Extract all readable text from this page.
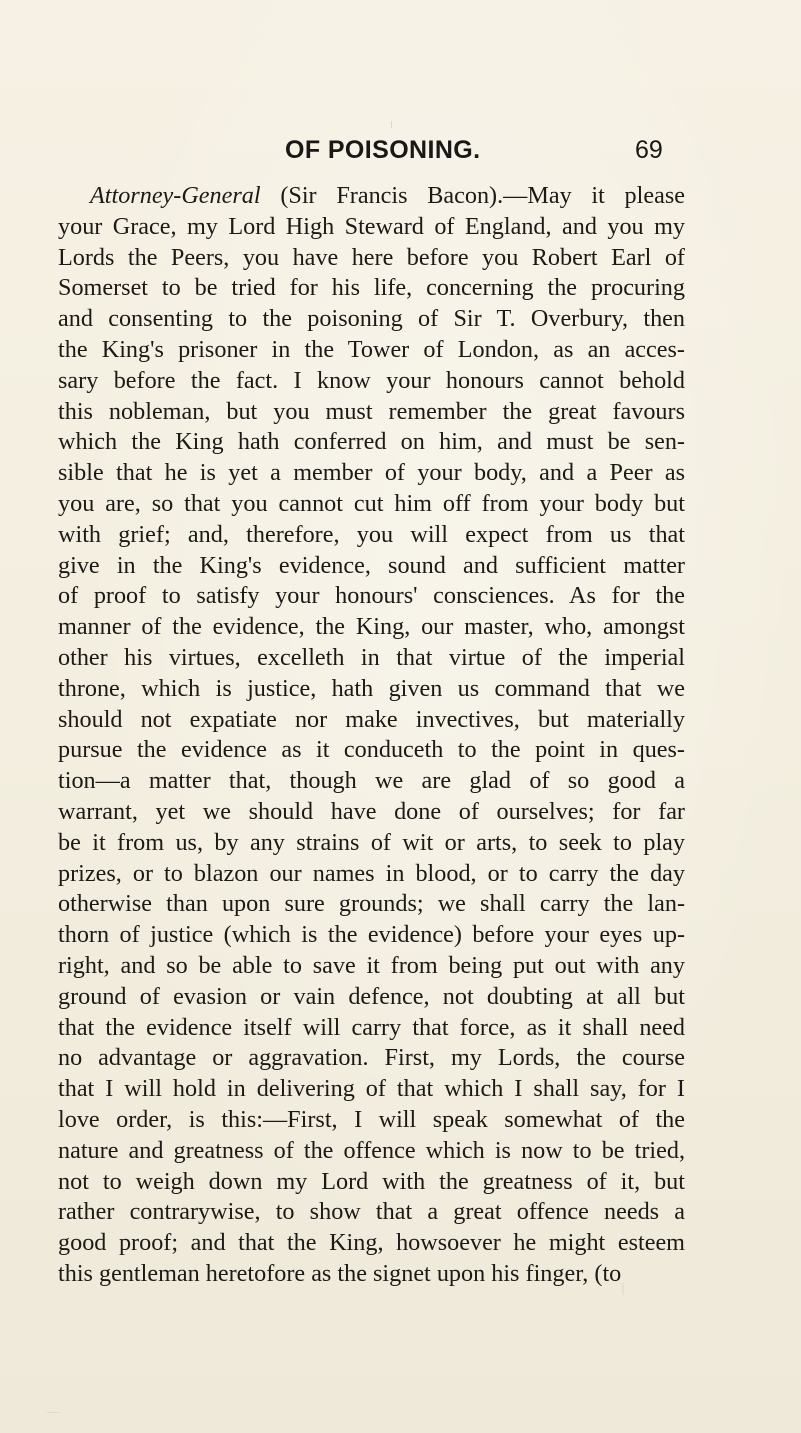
OF POISONING.	69
Attorney-General (Sir Francis Bacon).—May it please
your Grace, my Lord High Steward of England, and you my
Lords the Peers, you have here before you Robert Earl of
Somerset to be tried for his life, concerning the procuring
and consenting to the poisoning of Sir T. Overbury, then
the King's prisoner in the Tower of London, as an acces-
sary before the fact. I know your honours cannot behold
this nobleman, but you must remember the great favours
which the King hath conferred on him, and must be sen-
sible that he is yet a member of your body, and a Peer as
you are, so that you cannot cut him off from your body but
with grief; and, therefore, you will expect from us that
give in the King's evidence, sound and sufficient matter
of proof to satisfy your honours' consciences. As for the
manner of the evidence, the King, our master, who, amongst
other his virtues, excelleth in that virtue of the imperial
throne, which is justice, hath given us command that we
should not expatiate nor make invectives, but materially
pursue the evidence as it conduceth to the point in ques-
tion—a matter that, though we are glad of so good a
warrant, yet we should have done of ourselves; for far
be it from us, by any strains of wit or arts, to seek to play
prizes, or to blazon our names in blood, or to carry the day
otherwise than upon sure grounds; we shall carry the lan-
thorn of justice (which is the evidence) before your eyes up-
right, and so be able to save it from being put out with any
ground of evasion or vain defence, not doubting at all but
that the evidence itself will carry that force, as it shall need
no advantage or aggravation. First, my Lords, the course
that I will hold in delivering of that which I shall say, for I
love order, is this:—First, I will speak somewhat of the
nature and greatness of the offence which is now to be tried,
not to weigh down my Lord with the greatness of it, but
rather contrarywise, to show that a great offence needs a
good proof; and that the King, howsoever he might esteem
this gentleman heretofore as the signet upon his finger, (to
